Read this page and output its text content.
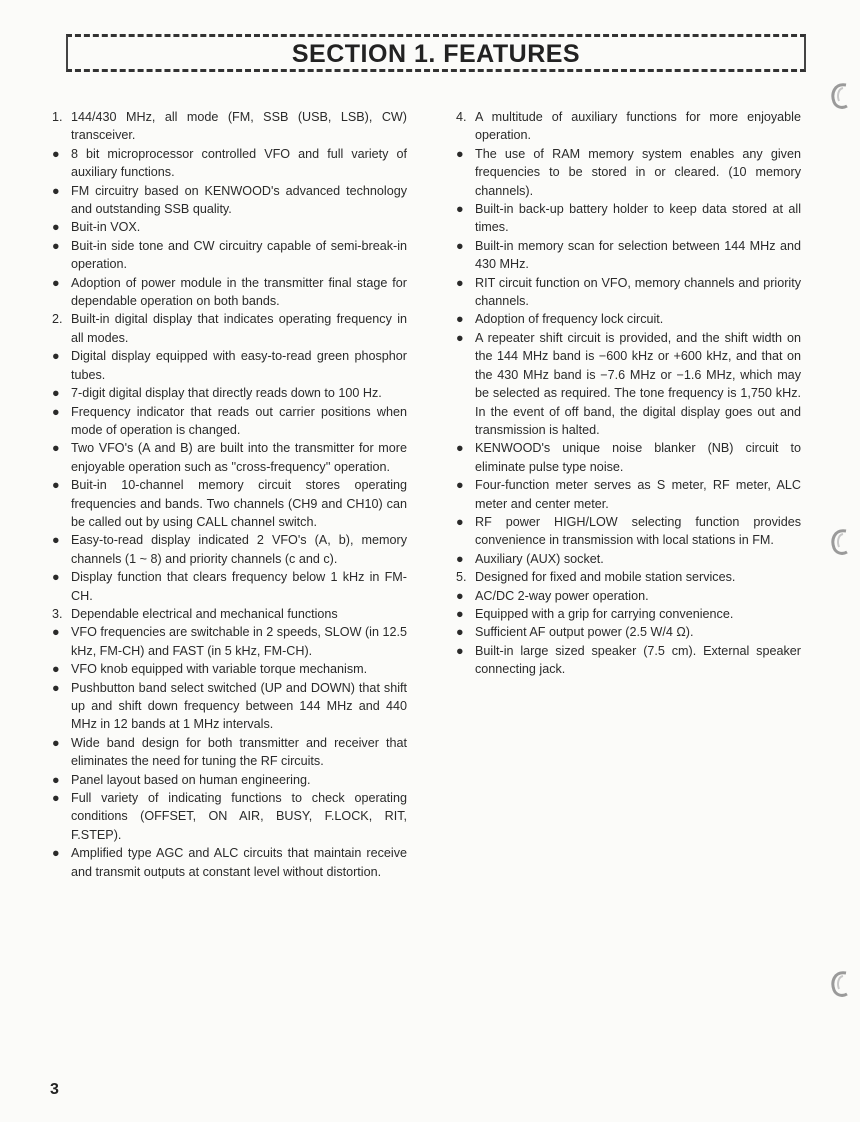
SECTION 1. FEATURES
1. 144/430 MHz, all mode (FM, SSB (USB, LSB), CW) transceiver.
● 8 bit microprocessor controlled VFO and full variety of auxiliary functions.
● FM circuitry based on KENWOOD's advanced technology and outstanding SSB quality.
● Buit-in VOX.
● Buit-in side tone and CW circuitry capable of semi-break-in operation.
● Adoption of power module in the transmitter final stage for dependable operation on both bands.
2. Built-in digital display that indicates operating frequency in all modes.
● Digital display equipped with easy-to-read green phosphor tubes.
● 7-digit digital display that directly reads down to 100 Hz.
● Frequency indicator that reads out carrier positions when mode of operation is changed.
● Two VFO's (A and B) are built into the transmitter for more enjoyable operation such as ''cross-frequency'' operation.
● Buit-in 10-channel memory circuit stores operating frequencies and bands. Two channels (CH9 and CH10) can be called out by using CALL channel switch.
● Easy-to-read display indicated 2 VFO's (A, b), memory channels (1 ~ 8) and priority channels (c and c).
● Display function that clears frequency below 1 kHz in FM-CH.
3. Dependable electrical and mechanical functions
● VFO frequencies are switchable in 2 speeds, SLOW (in 12.5 kHz, FM-CH) and FAST (in 5 kHz, FM-CH).
● VFO knob equipped with variable torque mechanism.
● Pushbutton band select switched (UP and DOWN) that shift up and shift down frequency between 144 MHz and 440 MHz in 12 bands at 1 MHz intervals.
● Wide band design for both transmitter and receiver that eliminates the need for tuning the RF circuits.
● Panel layout based on human engineering.
● Full variety of indicating functions to check operating conditions (OFFSET, ON AIR, BUSY, F.LOCK, RIT, F.STEP).
● Amplified type AGC and ALC circuits that maintain receive and transmit outputs at constant level without distortion.
4. A multitude of auxiliary functions for more enjoyable operation.
● The use of RAM memory system enables any given frequencies to be stored in or cleared. (10 memory channels).
● Built-in back-up battery holder to keep data stored at all times.
● Built-in memory scan for selection between 144 MHz and 430 MHz.
● RIT circuit function on VFO, memory channels and priority channels.
● Adoption of frequency lock circuit.
● A repeater shift circuit is provided, and the shift width on the 144 MHz band is −600 kHz or +600 kHz, and that on the 430 MHz band is −7.6 MHz or −1.6 MHz, which may be selected as required. The tone frequency is 1,750 kHz. In the event of off band, the digital display goes out and transmission is halted.
● KENWOOD's unique noise blanker (NB) circuit to eliminate pulse type noise.
● Four-function meter serves as S meter, RF meter, ALC meter and center meter.
● RF power HIGH/LOW selecting function provides convenience in transmission with local stations in FM.
● Auxiliary (AUX) socket.
5. Designed for fixed and mobile station services.
● AC/DC 2-way power operation.
● Equipped with a grip for carrying convenience.
● Sufficient AF output power (2.5 W/4 Ω).
● Built-in large sized speaker (7.5 cm). External speaker connecting jack.
3
